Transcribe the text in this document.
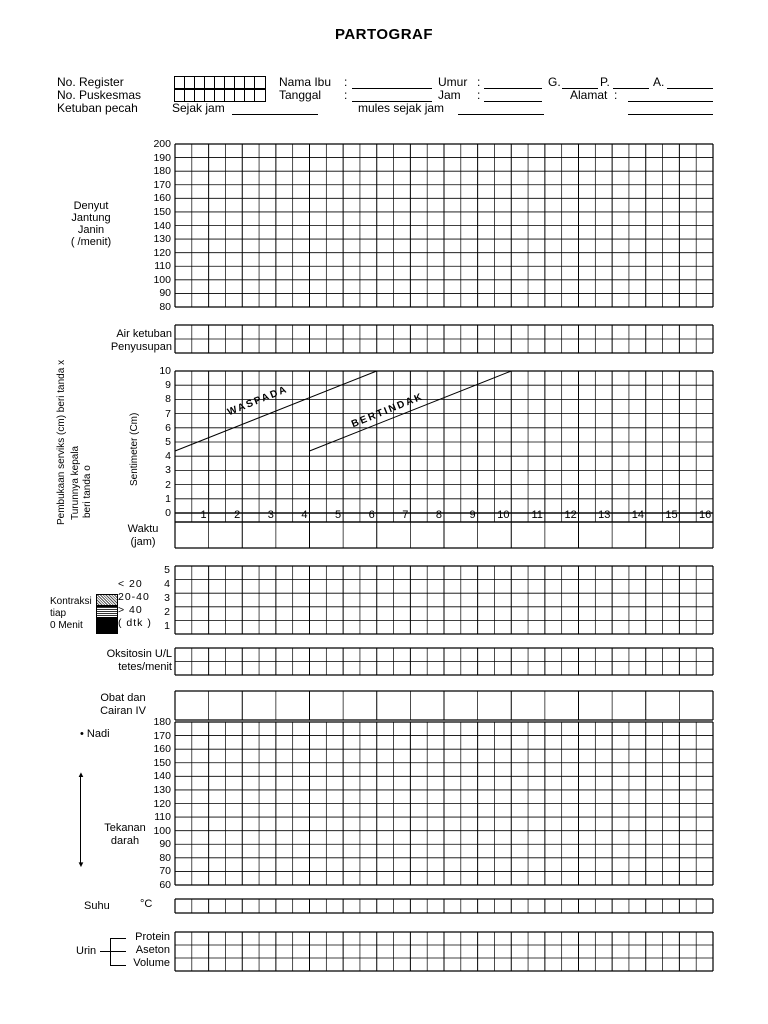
PARTOGRAF
No. Register
No. Puskesmas
Ketuban pecah	Sejak jam
Nama Ibu :
Tanggal :
mules sejak jam
Umur :
Jam :
G.	P.	A.
Alamat :
Denyut
Jantung
Janin
( /menit)
200
190
180
170
160
150
140
130
120
110
100
90
80
Air ketuban
Penyusupan
Pembukaan serviks (cm) beri tanda x Turunnya kepala beri tanda o
Sentimeter (Cm)
10
9
8
7
6
5
4
3
2
1
0
WASPADA	BERTINDAK
1	2	3	4	5	6	7	8	9 10 11 12 13 14 15 16
Waktu
(jam)
Kontraksi
tiap
0 Menit
< 20
20-40
> 40
( dtk )
5
4
3
2
1
Oksitosin U/L
tetes/menit
Obat dan
Cairan IV
• Nadi
▲
▼
Tekanan
darah
180
170
160
150
140
130
120
110
100
90
80
70
60
Suhu	°C
Urin
Protein
Aseton
Volume
